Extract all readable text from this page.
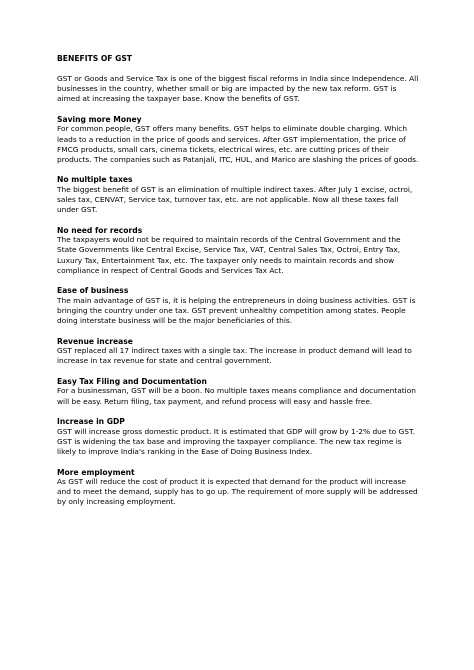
BENEFITS OF GST

GST or Goods and Service Tax is one of the biggest fiscal reforms in India since Independence. All businesses in the country, whether small or big are impacted by the new tax reform. GST is aimed at increasing the taxpayer base. Know the benefits of GST.

Saving more Money

For common people, GST offers many benefits. GST helps to eliminate double charging. Which leads to a reduction in the price of goods and services. After GST implementation, the price of FMCG products, small cars, cinema tickets, electrical wires, etc. are cutting prices of their products. The companies such as Patanjali, ITC, HUL, and Marico are slashing the prices of goods.

No multiple taxes

The biggest benefit of GST is an elimination of multiple indirect taxes. After July 1 excise, octroi, sales tax, CENVAT, Service tax, turnover tax, etc. are not applicable. Now all these taxes fall under GST.

No need for records

The taxpayers would not be required to maintain records of the Central Government and the State Governments like Central Excise, Service Tax, VAT, Central Sales Tax, Octroi, Entry Tax, Luxury Tax, Entertainment Tax, etc. The taxpayer only needs to maintain records and show compliance in respect of Central Goods and Services Tax Act.

Ease of business

The main advantage of GST is, it is helping the entrepreneurs in doing business activities. GST is bringing the country under one tax. GST prevent unhealthy competition among states. People doing interstate business will be the major beneficiaries of this.

Revenue increase

GST replaced all 17 indirect taxes with a single tax. The increase in product demand will lead to increase in tax revenue for state and central government.

Easy Tax Filing and Documentation

For a businessman, GST will be a boon. No multiple taxes means compliance and documentation will be easy. Return filing, tax payment, and refund process will easy and hassle free.

Increase in GDP

GST will increase gross domestic product. It is estimated that GDP will grow by 1-2% due to GST. GST is widening the tax base and improving the taxpayer compliance. The new tax regime is likely to improve India's ranking in the Ease of Doing Business Index.

More employment

As GST will reduce the cost of product it is expected that demand for the product will increase and to meet the demand, supply has to go up. The requirement of more supply will be addressed by only increasing employment.
